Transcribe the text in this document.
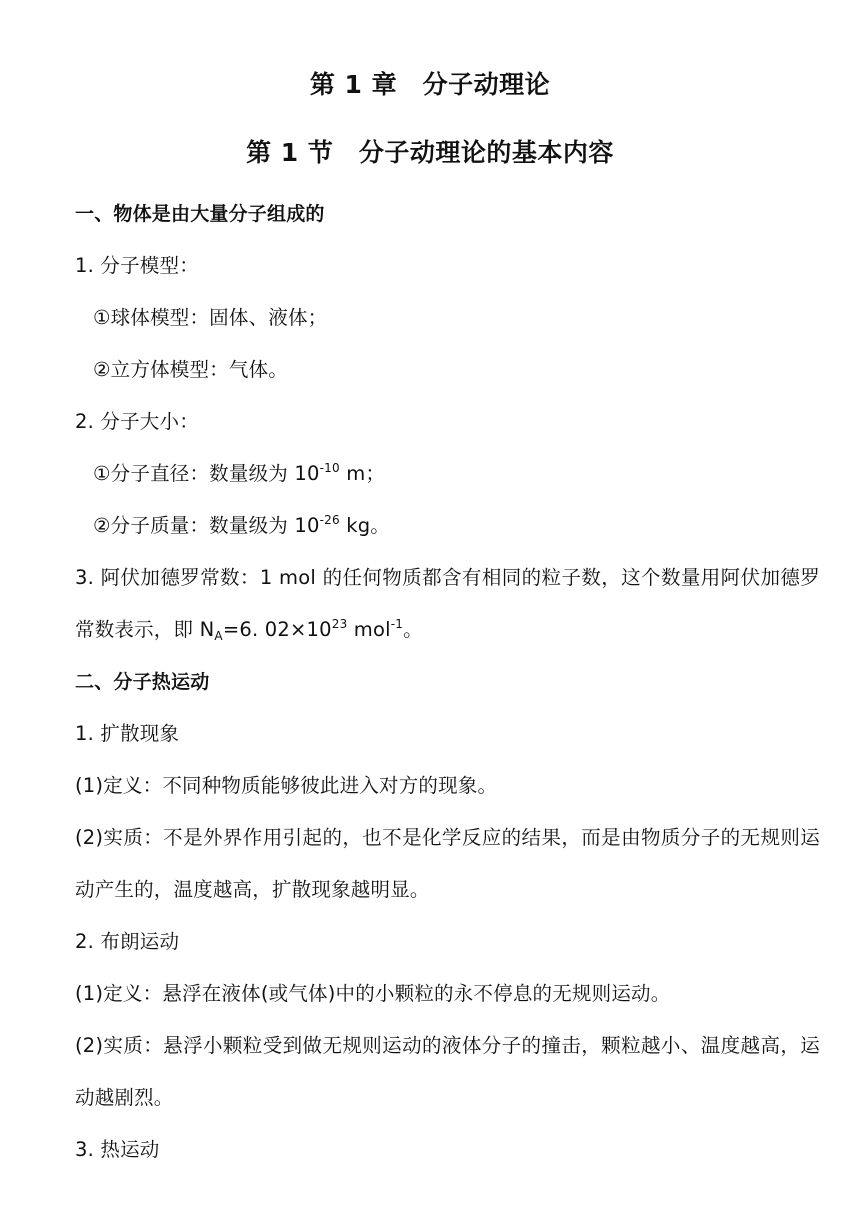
第 1 章　分子动理论
第 1 节　分子动理论的基本内容
一、物体是由大量分子组成的
1. 分子模型：
①球体模型：固体、液体；
②立方体模型：气体。
2. 分子大小：
①分子直径：数量级为 $10^{-10}$ m；
②分子质量：数量级为 $10^{-26}$ kg。
3. 阿伏加德罗常数：1 mol 的任何物质都含有相同的粒子数，这个数量用阿伏加德罗
常数表示，即 $N_A=6$. $02\times 10^{23}$ mol$^{-1}$。
二、分子热运动
1. 扩散现象
(1)定义：不同种物质能够彼此进入对方的现象。
(2)实质：不是外界作用引起的，也不是化学反应的结果，而是由物质分子的无规则运
动产生的，温度越高，扩散现象越明显。
2. 布朗运动
(1)定义：悬浮在液体(或气体)中的小颗粒的永不停息的无规则运动。
(2)实质：悬浮小颗粒受到做无规则运动的液体分子的撞击，颗粒越小、温度越高，运
动越剧烈。
3. 热运动
